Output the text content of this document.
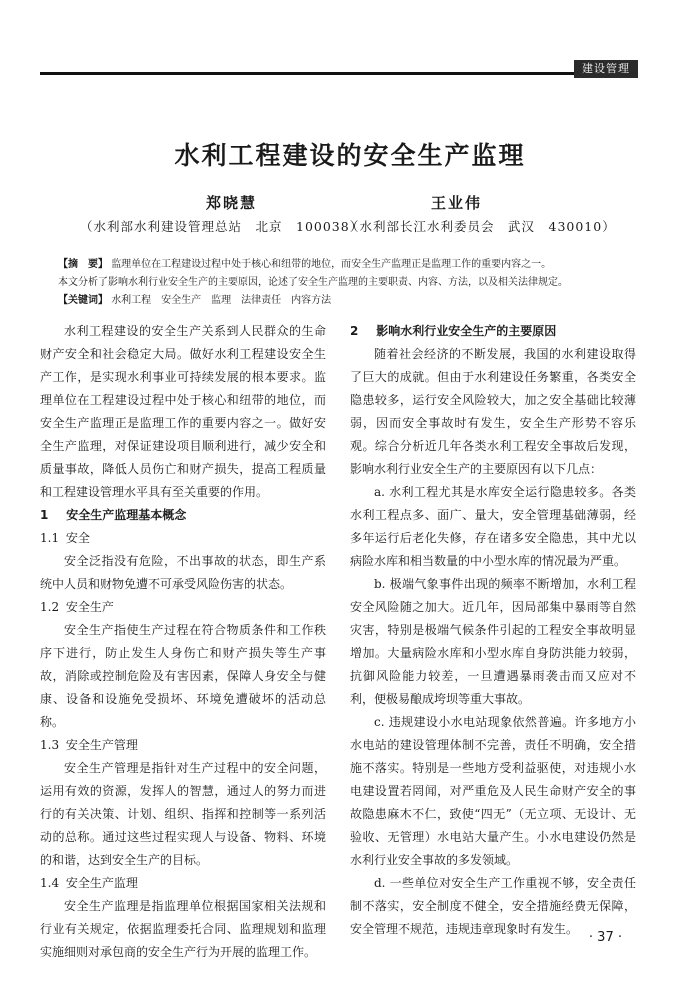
建设管理
水利工程建设的安全生产监理
郑晓慧	王业伟
（水利部水利建设管理总站　北京　100038）
（水利部长江水利委员会　武汉　430010）
【摘　要】 监理单位在工程建设过程中处于核心和纽带的地位，而安全生产监理正是监理工作的重要内容之一。
本文分析了影响水利行业安全生产的主要原因，论述了安全生产监理的主要职责、内容、方法，以及相关法律规定。
【关键词】 水利工程　安全生产　监理　法律责任　内容方法

水利工程建设的安全生产关系到人民群众的生命财产安全和社会稳定大局。做好水利工程建设安全生产工作，是实现水利事业可持续发展的根本要求。监理单位在工程建设过程中处于核心和纽带的地位，而安全生产监理正是监理工作的重要内容之一。做好安全生产监理，对保证建设项目顺利进行，减少安全和质量事故，降低人员伤亡和财产损失，提高工程质量和工程建设管理水平具有至关重要的作用。

1 安全生产监理基本概念
1.1 安全

安全泛指没有危险，不出事故的状态，即生产系统中人员和财物免遭不可承受风险伤害的状态。

1.2 安全生产

安全生产指使生产过程在符合物质条件和工作秩序下进行，防止发生人身伤亡和财产损失等生产事故，消除或控制危险及有害因素，保障人身安全与健康、设备和设施免受损坏、环境免遭破坏的活动总称。

1.3 安全生产管理

安全生产管理是指针对生产过程中的安全问题，运用有效的资源，发挥人的智慧，通过人的努力而进行的有关决策、计划、组织、指挥和控制等一系列活动的总称。通过这些过程实现人与设备、物料、环境的和谐，达到安全生产的目标。

1.4 安全生产监理

安全生产监理是指监理单位根据国家相关法规和行业有关规定，依据监理委托合同、监理规划和监理实施细则对承包商的安全生产行为开展的监理工作。

2 影响水利行业安全生产的主要原因

随着社会经济的不断发展，我国的水利建设取得了巨大的成就。但由于水利建设任务繁重，各类安全隐患较多，运行安全风险较大，加之安全基础比较薄弱，因而安全事故时有发生，安全生产形势不容乐观。综合分析近几年各类水利工程安全事故后发现，影响水利行业安全生产的主要原因有以下几点：

a. 水利工程尤其是水库安全运行隐患较多。各类水利工程点多、面广、量大，安全管理基础薄弱，经多年运行后老化失修，存在诸多安全隐患，其中尤以病险水库和相当数量的中小型水库的情况最为严重。

b. 极端气象事件出现的频率不断增加，水利工程安全风险随之加大。近几年，因局部集中暴雨等自然灾害，特别是极端气候条件引起的工程安全事故明显增加。大量病险水库和小型水库自身防洪能力较弱，抗御风险能力较差，一旦遭遇暴雨袭击而又应对不利，便极易酿成垮坝等重大事故。

c. 违规建设小水电站现象依然普遍。许多地方小水电站的建设管理体制不完善，责任不明确，安全措施不落实。特别是一些地方受利益驱使，对违规小水电建设置若罔闻，对严重危及人民生命财产安全的事故隐患麻木不仁，致使“四无”（无立项、无设计、无验收、无管理）水电站大量产生。小水电建设仍然是水利行业安全事故的多发领域。

d. 一些单位对安全生产工作重视不够，安全责任制不落实，安全制度不健全，安全措施经费无保障，安全管理不规范，违规违章现象时有发生。

· 37 ·
